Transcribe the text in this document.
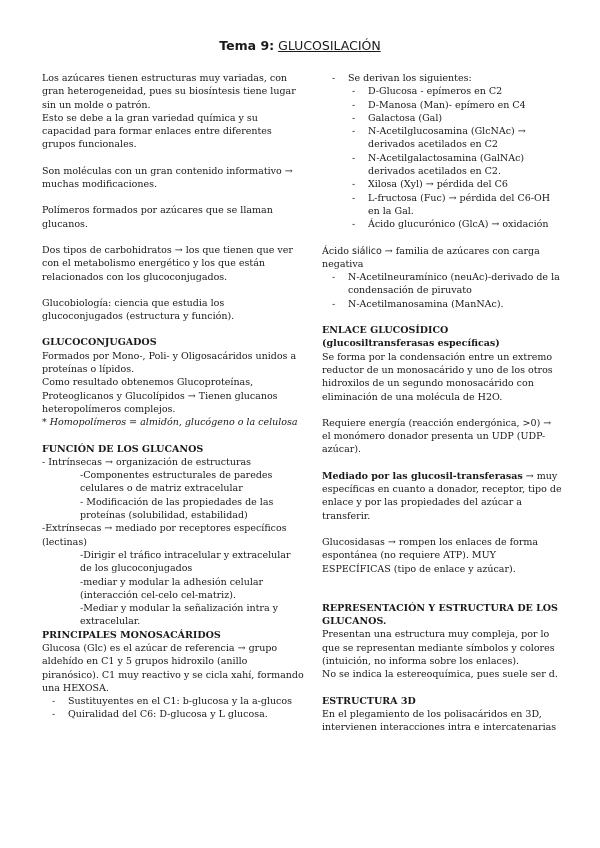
Tema 9: GLUCOSILACIÓN

Los azúcares tienen estructuras muy variadas, con gran heterogeneidad, pues su biosíntesis tiene lugar sin un molde o patrón.

Esto se debe a la gran variedad química y su capacidad para formar enlaces entre diferentes grupos funcionales.

Son moléculas con un gran contenido informativo → muchas modificaciones.

Polímeros formados por azúcares que se llaman glucanos.

Dos tipos de carbohidratos → los que tienen que ver con el metabolismo energético y los que están relacionados con los glucoconjugados.

Glucobiología: ciencia que estudia los glucoconjugados (estructura y función).

GLUCOCONJUGADOS

Formados por Mono-, Poli- y Oligosacáridos unidos a proteínas o lípidos.

Como resultado obtenemos Glucoproteínas, Proteoglicanos y Glucolípidos → Tienen glucanos heteropolímeros complejos.

* Homopolímeros = almidón, glucógeno o la celulosa

FUNCIÓN DE LOS GLUCANOS

- Intrínsecas → organización de estructuras

-Componentes estructurales de paredes celulares o de matriz extracelular

- Modificación de las propiedades de las proteínas (solubilidad, estabilidad)

-Extrínsecas → mediado por receptores específicos (lectinas)

-Dirigir el tráfico intracelular y extracelular de los glucoconjugados

-mediar y modular la adhesión celular (interacción cel-celo cel-matriz).

-Mediar y modular la señalización intra y extracelular.

PRINCIPALES MONOSACÁRIDOS

Glucosa (Glc) es el azúcar de referencia → grupo aldehído en C1 y 5 grupos hidroxilo (anillo piranósico). C1 muy reactivo y se cicla xahí, formando una HEXOSA.

- Sustituyentes en el C1: b-glucosa y la a-glucos

- Quiralidad del C6: D-glucosa y L glucosa.

- Se derivan los siguientes:

- D-Glucosa - epímeros en C2

- D-Manosa (Man)- epímero en C4

- Galactosa (Gal)

- N-Acetilglucosamina (GlcNAc) → derivados acetilados en C2

- N-Acetilgalactosamina (GalNAc) derivados acetilados en C2.

- Xilosa (Xyl) → pérdida del C6

- L-fructosa (Fuc) → pérdida del C6-OH en la Gal.

- Ácido glucurónico (GlcA) → oxidación

Ácido siálico → familia de azúcares con carga negativa

- N-Acetilneuramínico (neuAc)-derivado de la condensación de piruvato

- N-Acetilmanosamina (ManNAc).

ENLACE GLUCOSÍDICO (glucosiltransferasas específicas)

Se forma por la condensación entre un extremo reductor de un monosacárido y uno de los otros hidroxilos de un segundo monosacárido con eliminación de una molécula de H2O.

Requiere energía (reacción endergónica, >0) → el monómero donador presenta un UDP (UDP-azúcar).

Mediado por las glucosil-transferasas → muy específicas en cuanto a donador, receptor, tipo de enlace y por las propiedades del azúcar a transferir.

Glucosidasas → rompen los enlaces de forma espontánea (no requiere ATP). MUY ESPECÍFICAS (tipo de enlace y azúcar).

REPRESENTACIÓN Y ESTRUCTURA DE LOS GLUCANOS.

Presentan una estructura muy compleja, por lo que se representan mediante símbolos y colores (intuición, no informa sobre los enlaces).

No se indica la estereoquímica, pues suele ser d.

ESTRUCTURA 3D

En el plegamiento de los polisacáridos en 3D, intervienen interacciones intra e intercatenarias
